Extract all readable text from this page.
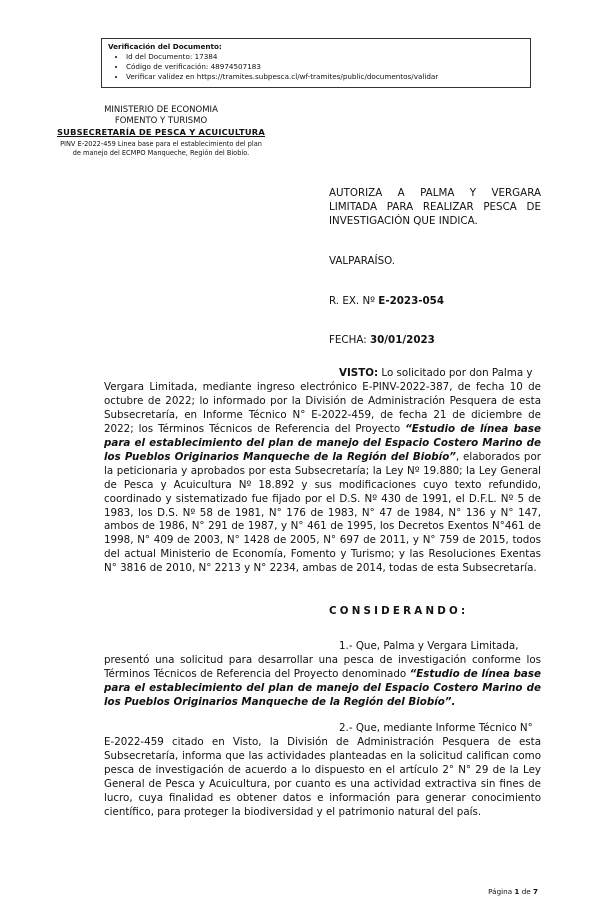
Verificación del Documento:
• Id del Documento: 17384
• Código de verificación: 48974507183
• Verificar validez en https://tramites.subpesca.cl/wf-tramites/public/documentos/validar
MINISTERIO DE ECONOMIA
FOMENTO Y TURISMO
SUBSECRETARÍA DE PESCA Y ACUICULTURA
PINV E-2022-459 Linea base para el establecimiento del plan
de manejo del ECMPO Manqueche, Región del Biobío.
AUTORIZA A PALMA Y VERGARA LIMITADA PARA REALIZAR PESCA DE INVESTIGACIÓN QUE INDICA.
VALPARAÍSO.
R. EX. Nº E-2023-054
FECHA: 30/01/2023
VISTO: Lo solicitado por don Palma y
Vergara Limitada, mediante ingreso electrónico E-PINV-2022-387, de fecha 10 de octubre de 2022; lo informado por la División de Administración Pesquera de esta Subsecretaría, en Informe Técnico N° E-2022-459, de fecha 21 de diciembre de 2022; los Términos Técnicos de Referencia del Proyecto “Estudio de línea base para el establecimiento del plan de manejo del Espacio Costero Marino de los Pueblos Originarios Manqueche de la Región del Biobío”, elaborados por la peticionaria y aprobados por esta Subsecretaría; la Ley Nº 19.880; la Ley General de Pesca y Acuicultura Nº 18.892 y sus modificaciones cuyo texto refundido, coordinado y sistematizado fue fijado por el D.S. Nº 430 de 1991, el D.F.L. Nº 5 de 1983, los D.S. Nº 58 de 1981, N° 176 de 1983, N° 47 de 1984, N° 136 y N° 147, ambos de 1986, N° 291 de 1987, y N° 461 de 1995, los Decretos Exentos N°461 de 1998, N° 409 de 2003, N° 1428 de 2005, N° 697 de 2011, y N° 759 de 2015, todos del actual Ministerio de Economía, Fomento y Turismo; y las Resoluciones Exentas N° 3816 de 2010, N° 2213 y N° 2234, ambas de 2014, todas de esta Subsecretaría.
CONSIDERANDO:
1.- Que, Palma y Vergara Limitada,
presentó una solicitud para desarrollar una pesca de investigación conforme los Términos Técnicos de Referencia del Proyecto denominado “Estudio de línea base para el establecimiento del plan de manejo del Espacio Costero Marino de los Pueblos Originarios Manqueche de la Región del Biobío”.
2.- Que, mediante Informe Técnico N°
E-2022-459 citado en Visto, la División de Administración Pesquera de esta Subsecretaría, informa que las actividades planteadas en la solicitud califican como pesca de investigación de acuerdo a lo dispuesto en el artículo 2° N° 29 de la Ley General de Pesca y Acuicultura, por cuanto es una actividad extractiva sin fines de lucro, cuya finalidad es obtener datos e información para generar conocimiento científico, para proteger la biodiversidad y el patrimonio natural del país.
Página 1 de 7
